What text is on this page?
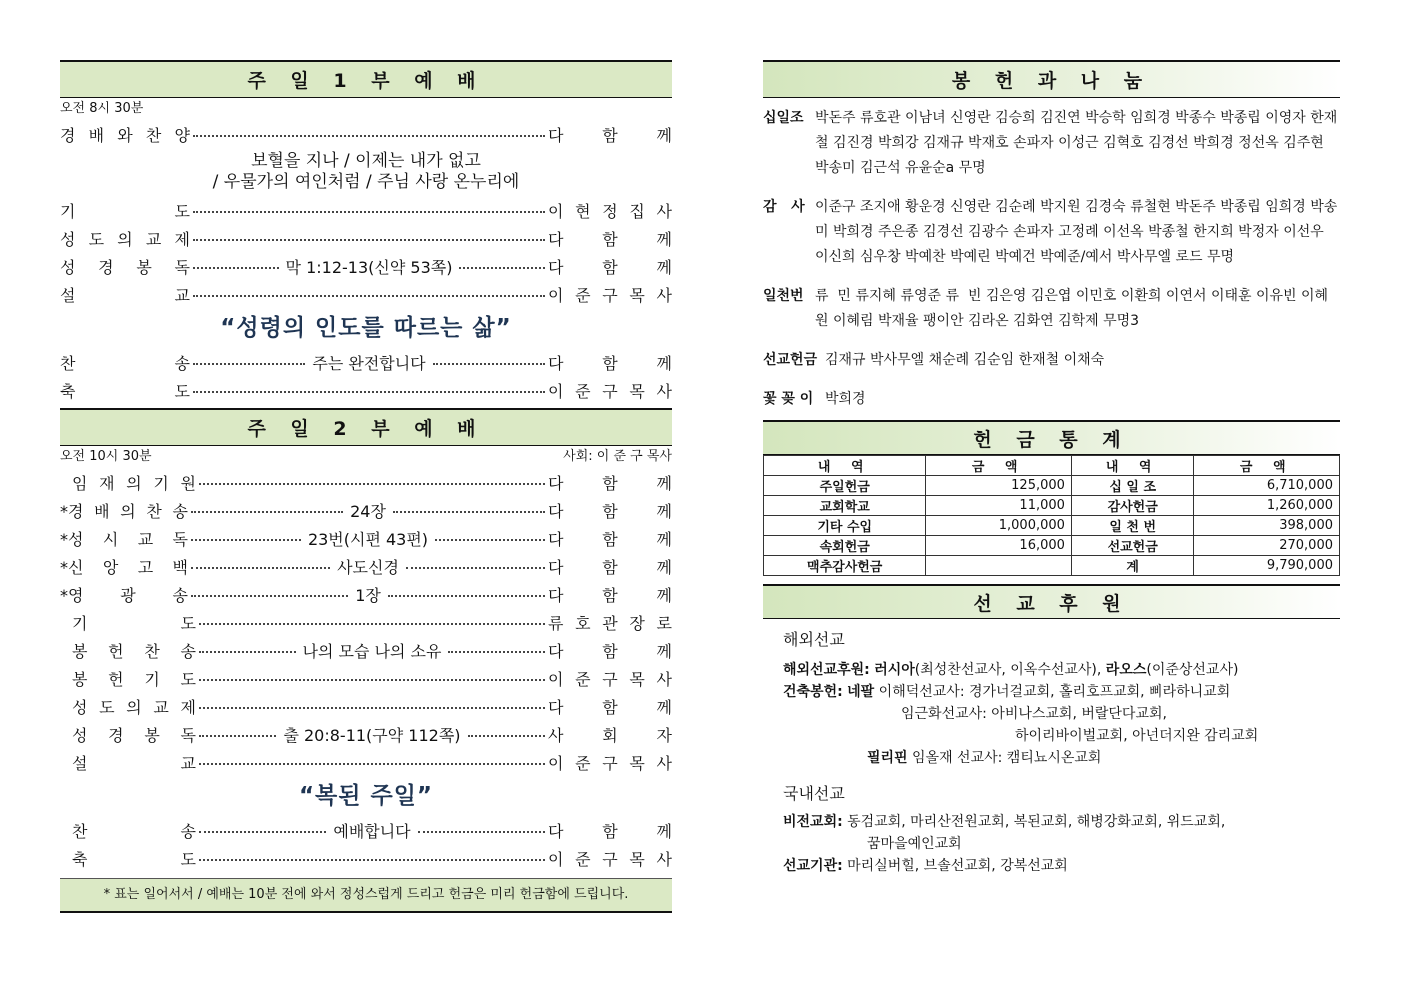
주 일 1 부 예 배
오전 8시 30분
경 배 와 찬 양	다 함 께
보혈을 지나 / 이제는 내가 없고
/ 우물가의 여인처럼 / 주님 사랑 온누리에
기	도	이 현 정 집 사
성 도 의 교 제	다 함 께
성 경 봉 독	막 1:12-13(신약 53쪽)	다 함 께
설	교	이 준 구 목 사
“성령의 인도를 따르는 삶”
찬	송	주는 완전합니다	다 함 께
축	도	이 준 구 목 사
주 일 2 부 예 배
오전 10시 30분	사회: 이 준 구 목사
임 재 의 기 원	다 함 께
*경 배 의 찬 송	24장	다 함 께
*성 시 교 독	23번(시편 43편)	다 함 께
*신 앙 고 백	사도신경	다 함 께
*영 광 송	1장	다 함 께
기	도	류 호 관 장 로
봉 헌 찬 송	나의 모습 나의 소유	다 함 께
봉 헌 기 도	이 준 구 목 사
성 도 의 교 제	다 함 께
성 경 봉 독	출 20:8-11(구약 112쪽)	사 회 자
설	교	이 준 구 목 사
“복된 주일”
찬	송	예배합니다	다 함 께
축	도	이 준 구 목 사
* 표는 일어서서 / 예배는 10분 전에 와서 정성스럽게 드리고 헌금은 미리 헌금함에 드립니다.
봉 헌 과 나 눔
십일조 박돈주 류호관 이남녀 신영란 김승희 김진연 박승학 임희경 박종수 박종립 이영자 한재철 김진경 박희강 김재규 박재호 손파자 이성근 김혁호 김경선 박희경 정선옥 김주현 박송미 김근석 유윤순a 무명
감   사 이준구 조지애 황운경 신영란 김순례 박지원 김경숙 류철현 박돈주 박종립 임희경 박송미 박희경 주은종 김경선 김광수 손파자 고정례 이선옥 박종철 한지희 박정자 이선우 이신희 심우창 박예찬 박예린 박예건 박예준/예서 박사무엘 로드 무명
일천번 류  민 류지혜 류영준 류  빈 김은영 김은엽 이민호 이환희 이연서 이태훈 이유빈 이혜원 이혜림 박재율 팽이안 김라온 김화연 김학제 무명3
선교헌금 김재규 박사무엘 채순례 김순임 한재철 이채숙
꽃 꽂 이 박희경
헌 금 통 계
내 역	금 액	내 역	금 액
주일헌금	125,000	십 일 조	6,710,000
교회학교	11,000	감사헌금	1,260,000
기타 수입	1,000,000	일 천 번	398,000
속회헌금	16,000	선교헌금	270,000
맥추감사헌금		계	9,790,000
선 교 후 원
해외선교
해외선교후원: 러시아(최성찬선교사, 이옥수선교사), 라오스(이준상선교사)
건축봉헌: 네팔 이해덕선교사: 경가너걸교회, 홀리호프교회, 삐라하니교회
임근화선교사: 아비나스교회, 버랄단다교회,
하이리바이벌교회, 아넌더지완 감리교회
필리핀 임올재 선교사: 캠티뇨시온교회
국내선교
비전교회: 동검교회, 마리산전원교회, 복된교회, 해병강화교회, 위드교회,
꿈마을예인교회
선교기관: 마리실버힐, 브솔선교회, 강복선교회
